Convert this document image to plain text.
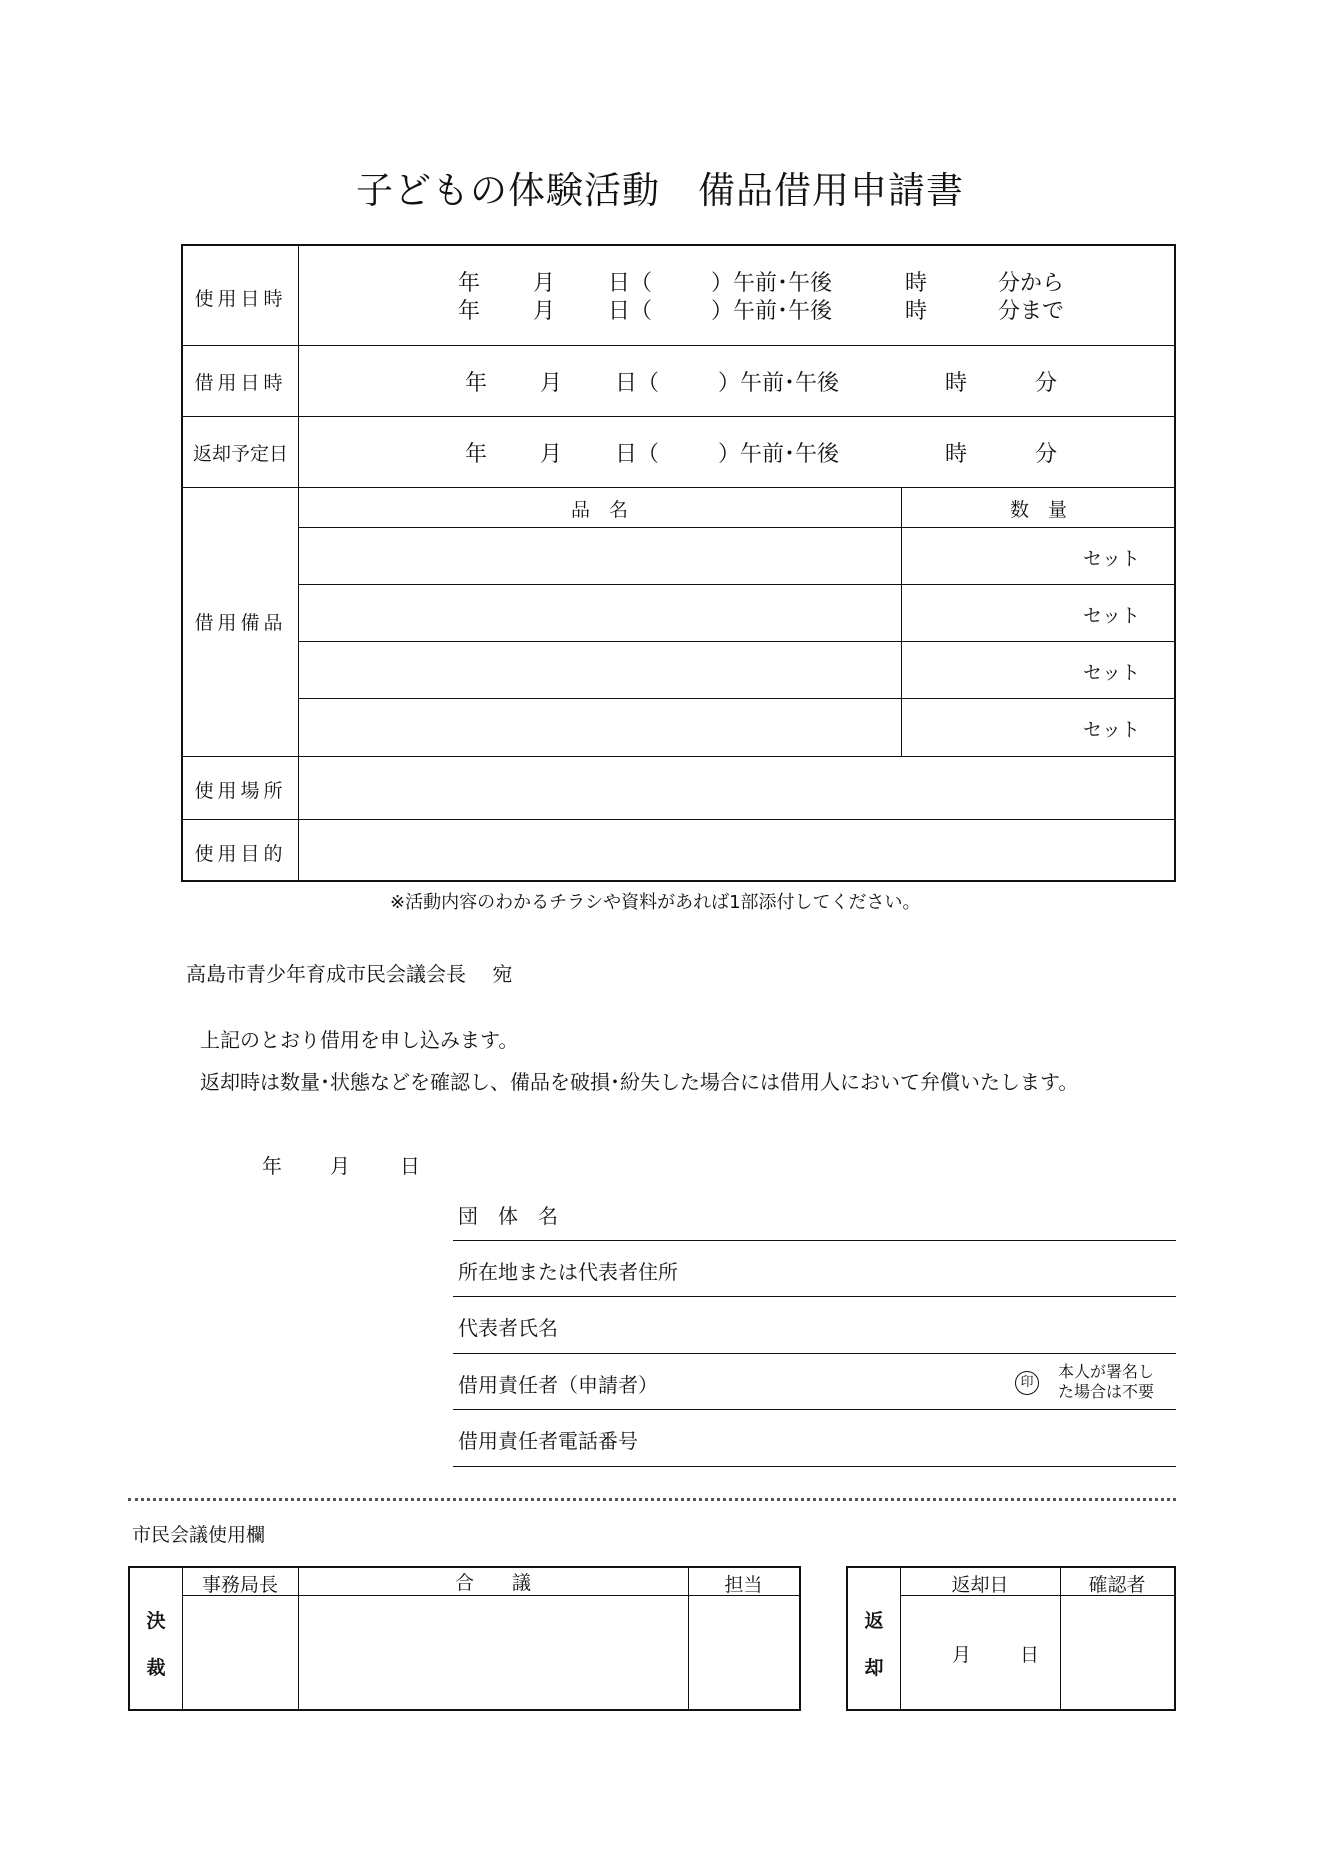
子どもの体験活動　備品借用申請書
使用日時
年 月 日（	）午前･午後	時	分から
年 月 日（	）午前･午後	時	分まで
借用日時	年 月 日（	）午前･午後	時	分
返却予定日	年 月 日（	）午前･午後	時	分
借用備品
品　名	数　量
セット
セット
セット
セット
使用場所
使用目的
※活動内容のわかるチラシや資料があれば1部添付してください。
高島市青少年育成市民会議会長　 宛
上記のとおり借用を申し込みます。
返却時は数量･状態などを確認し、備品を破損･紛失した場合には借用人において弁償いたします。
年 月	日
団　体　名
所在地または代表者住所
代表者氏名
借用責任者（申請者）	印
本人が署名し
た場合は不要
借用責任者電話番号
市民会議使用欄
決
裁
事務局長	合　　議	担当
返
却
返却日	確認者
月	日
